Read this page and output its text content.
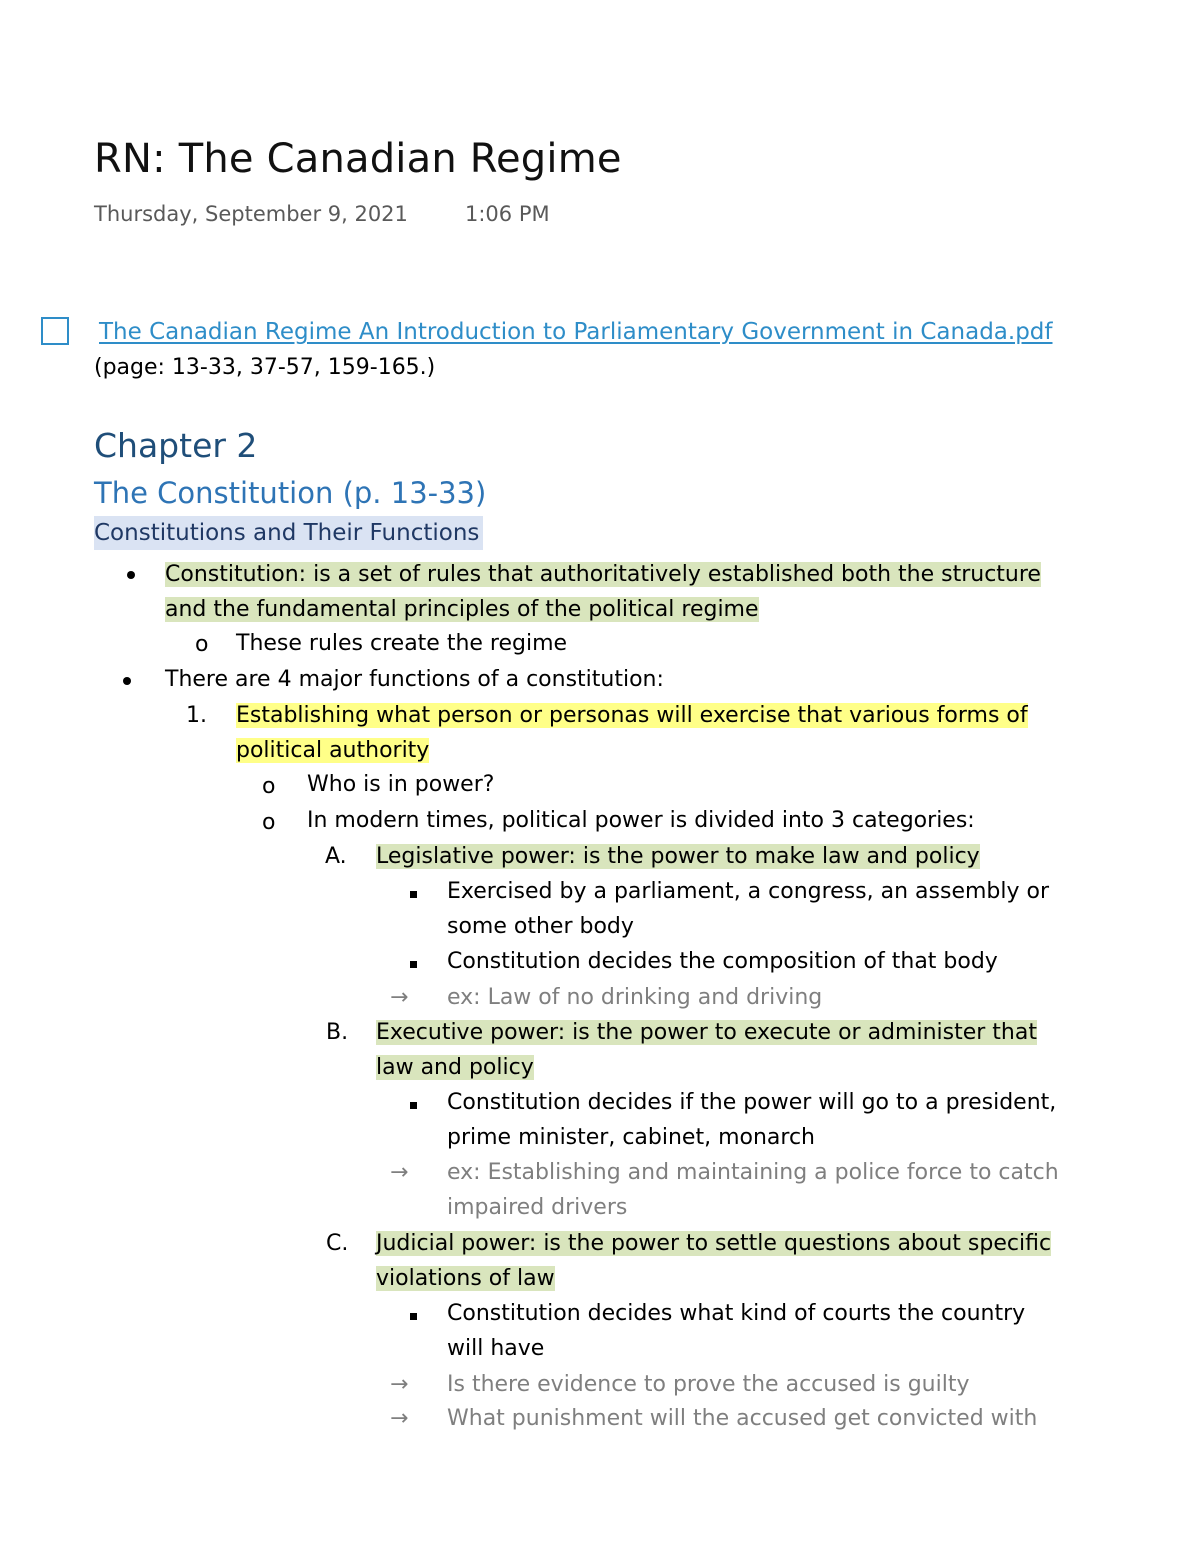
RN: The Canadian Regime
Thursday, September 9, 2021	1:06 PM
The Canadian Regime An Introduction to Parliamentary Government in Canada.pdf
(page: 13-33, 37-57, 159-165.)
Chapter 2
The Constitution (p. 13-33)
Constitutions and Their Functions
Constitution: is a set of rules that authoritatively established both the structure
and the fundamental principles of the political regime
o These rules create the regime
There are 4 major functions of a constitution:
1. Establishing what person or personas will exercise that various forms of
political authority
o Who is in power?
o In modern times, political power is divided into 3 categories:
A. Legislative power: is the power to make law and policy
Exercised by a parliament, a congress, an assembly or
some other body
Constitution decides the composition of that body
→ ex: Law of no drinking and driving
B. Executive power: is the power to execute or administer that
law and policy
Constitution decides if the power will go to a president,
prime minister, cabinet, monarch
→ ex: Establishing and maintaining a police force to catch
impaired drivers
C. Judicial power: is the power to settle questions about specific
violations of law
Constitution decides what kind of courts the country
will have
→ Is there evidence to prove the accused is guilty
→ What punishment will the accused get convicted with
